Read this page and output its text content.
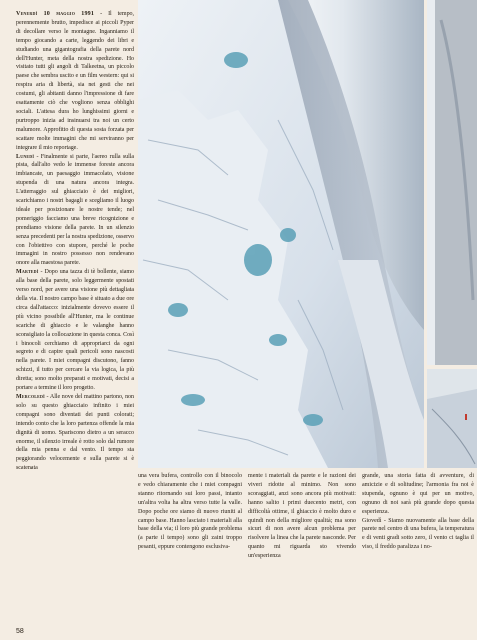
Venerdì 10 maggio 1991 - Il tempo, perennemente brutto, impedisce ai piccoli Pyper di decollare verso le montagne. Inganniamo il tempo giocando a carte, leggendo dei libri e studiando una gigantografia della parete nord dell'Hunter, meta della nostra spedizione. Ho visitato tutti gli angoli di Talkeetna, un piccolo paese che sembra uscito e un film western: qui si respira aria di libertà, sia nei gesti che nei costumi, gli abitanti danno l'impressione di fare esattamente ciò che vogliono senza obblighi sociali. L'attesa dura ho lunghissimi giorni e purtroppo inizia ad insinuarsi tra noi un certo malumore. Approfitto di questa sosta forzata per scattare molte immagini che mi serviranno per integrare il mio reportage.

Lunedì - Finalmente si parte, l'aereo rulla sulla pista, dall'alto vedo le immense foreste ancora imbiancate, un paesaggio immacolato, visione stupenda di una natura ancora integra. L'atterraggio sul ghiacciaio è dei migliori, scarichiamo i nostri bagagli e scegliamo il luogo ideale per posizionare le nostre tende; nel pomeriggio facciamo una breve ricognizione e prendiamo visione della parete. In un silenzio senza precedenti per la nostra spedizione, osservo con l'obiettivo con stupore, perché le poche immagini in nostro possesso non rendevano onore alla maestosa parete.

Martedì - Dopo una tazza di tè bollente, siamo alla base della parete, solo leggermente spostati verso nord, per avere una visione più dettagliata della via. Il nostro campo base è situato a due ore circa dall'attacco: inizialmente dovevo essere il più vicino possibile all'Hunter, ma le continue scariche di ghiaccio e le valanghe hanno sconsigliato la collocazione in questa conca. Così i binocoli cerchiamo di appropriarci da ogni segreto e di capire quali pericoli sono nascosti nella parete. I miei compagni discutono, fanno schizzi, il tutto per cercare la via logica, la più diretta; sono molto preparati e motivati, decisi a portare a termine il loro progetto.

Mercoledì - Alle nove del mattino partono, non solo su questo ghiacciaio infinito i miei compagni sono diventati dei punti colorati; intendo conto che la loro partenza offende la mia dignità di uomo. Spariscono dietro a un seracco enorme, il silenzio irreale è rotto solo dal rumore della mia penna e dal vento. Il tempo sta peggiorando velocemente e sulla parete si è scatenata

una vera bufera, controllo con il binocolo e vedo chiaramente che i miei compagni stanno ritornando sui loro passi, intanto un'altra volta ha altra verso tutte la valle. Dopo poche ore siamo di nuovo riuniti al campo base. Hanno lasciato i materiali alla base della via; il loro più grande problema (a parte il tempo) sono gli zaini troppo pesanti, eppure contengono esclusiva-

mente i materiali da parete e le razioni dei viveri ridotte al minimo. Non sono scoraggiati, anzi sono ancora più motivati: hanno salito i primi duecento metri, con difficoltà ottime, il ghiaccio è molto duro e quindi non della migliore qualità; ma sono sicuri di non avere alcun problema per risolvere la linea che la parete nasconde. Per quanto mi riguarda sto vivendo un'esperienza

grande, una storia fatta di avventure, di amicizie e di solitudine; l'armonia fra noi è stupenda, ognuno è qui per un motivo, ognuno di noi sarà più grande dopo questa esperienza.

Giovedì - Siamo nuovamente alla base della parete nel centro di una bufera, la temperatura e di venti gradi sotto zero, il vento ci taglia il viso, il freddo paralizza i no-

58
